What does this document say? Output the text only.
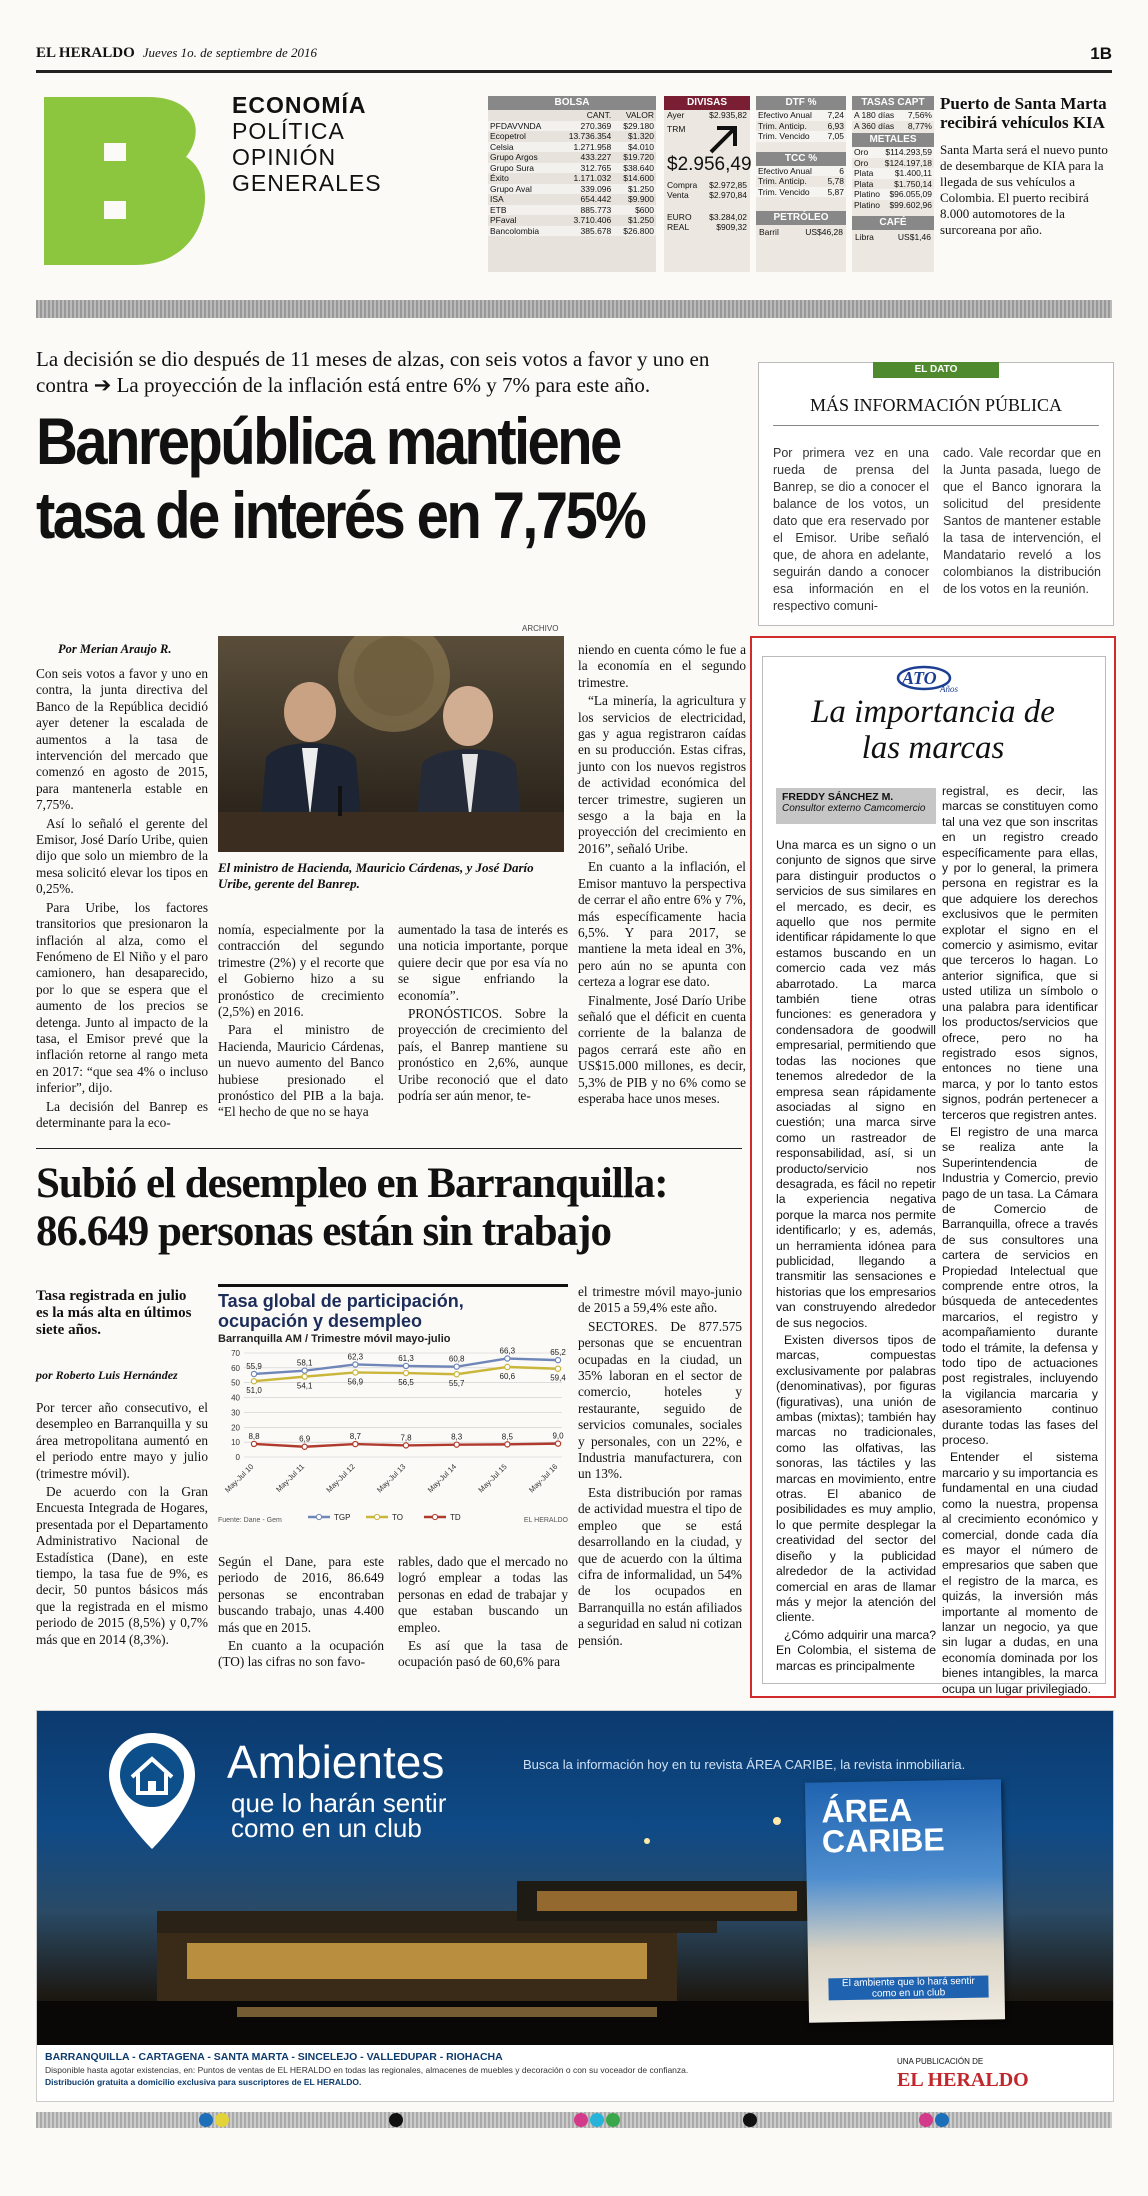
EL HERALDO Jueves 1o. de septiembre de 2016	1B
ECONOMÍA
POLÍTICA
OPINIÓN
GENERALES
BOLSA
	CANT.	VALOR
PFDAVVNDA	270.369	$29.180
Ecopetrol	13.736.354	$1.320
Celsia	1.271.958	$4.010
Grupo Argos	433.227	$19.720
Grupo Sura	312.765	$38.640
Éxito	1.171.032	$14.600
Grupo Aval	339.096	$1.250
ISA	654.442	$9.900
ETB	885.773	$600
PFaval	3.710.406	$1.250
Bancolombia	385.678	$26.800
DIVISAS
Ayer	$2.935,82
TRM
$2.956,49
Compra $2.972,85
Venta $2.970,84
EURO $3.284,02
REAL	$909,32
DTF %
Efectivo Anual	7,24
Trim. Anticip.	6,93
Trim. Vencido	7,05
TCC %
Efectivo Anual	6
Trim. Anticip.	5,78
Trim. Vencido	5,87
PETRÓLEO
Barril	US$46,28
TASAS CAPT
A 180 días	7,56%
A 360 días	8,77%
METALES
Oro	$114.293,59
Oro	$124.197,18
Plata	$1.400,11
Plata	$1.750,14
Platino	$96.055,09
Platino	$99.602,96
CAFÉ
Libra	US$1,46
Puerto de Santa Marta recibirá vehículos KIA
Santa Marta será el nuevo punto de desembarque de KIA para la llegada de sus vehículos a Colombia. El puerto recibirá 8.000 automotores de la surcoreana por año.
La decisión se dio después de 11 meses de alzas, con seis votos a favor y uno en contra ➔ La proyección de la inflación está entre 6% y 7% para este año.
Banrepública mantiene tasa de interés en 7,75%
EL DATO
MÁS INFORMACIÓN PÚBLICA
Por primera vez en una rueda de prensa del Banrep, se dio a conocer el balance de los votos, un dato que era reservado por el Emisor. Uribe señaló que, de ahora en adelante, seguirán dando a conocer esa información en el respectivo comuni-
cado. Vale recordar que en la Junta pasada, luego de que el Banco ignorara la solicitud del presidente Santos de mantener estable la tasa de intervención, el Mandatario reveló a los colombianos la distribución de los votos en la reunión.
Por Merian Araujo R.

Con seis votos a favor y uno en contra, la junta directiva del Banco de la República decidió ayer detener la escalada de aumentos a la tasa de intervención del mercado que comenzó en agosto de 2015, para mantenerla estable en 7,75%.

Así lo señaló el gerente del Emisor, José Darío Uribe, quien dijo que solo un miembro de la mesa solicitó elevar los tipos en 0,25%.

Para Uribe, los factores transitorios que presionaron la inflación al alza, como el Fenómeno de El Niño y el paro camionero, han desaparecido, por lo que se espera que el aumento de los precios se detenga. Junto al impacto de la tasa, el Emisor prevé que la inflación retorne al rango meta en 2017: “que sea 4% o incluso inferior”, dijo.

La decisión del Banrep es determinante para la eco-

ARCHIVO
El ministro de Hacienda, Mauricio Cárdenas, y José Darío Uribe, gerente del Banrep.

nomía, especialmente por la contracción del segundo trimestre (2%) y el recorte que el Gobierno hizo a su pronóstico de crecimiento (2,5%) en 2016.

Para el ministro de Hacienda, Mauricio Cárdenas, un nuevo aumento del Banco hubiese presionado el pronóstico del PIB a la baja. “El hecho de que no se haya

aumentado la tasa de interés es una noticia importante, porque quiere decir que por esa vía no se sigue enfriando la economía”.

PRONÓSTICOS. Sobre la proyección de crecimiento del país, el Banrep mantiene su pronóstico en 2,6%, aunque Uribe reconoció que el dato podría ser aún menor, te-

niendo en cuenta cómo le fue a la economía en el segundo trimestre.

“La minería, la agricultura y los servicios de electricidad, gas y agua registraron caídas en su producción. Estas cifras, junto con los nuevos registros de actividad económica del tercer trimestre, sugieren un sesgo a la baja en la proyección del crecimiento en 2016”, señaló Uribe.

En cuanto a la inflación, el Emisor mantuvo la perspectiva de cerrar el año entre 6% y 7%, más específicamente hacia 6,5%. Y para 2017, se mantiene la meta ideal en 3%, pero aún no se apunta con certeza a lograr ese dato.

Finalmente, José Darío Uribe señaló que el déficit en cuenta corriente de la balanza de pagos cerrará este año en US$15.000 millones, es decir, 5,3% de PIB y no 6% como se esperaba hace unos meses.

ATO
Años
La importancia de las marcas
FREDDY SÁNCHEZ M.
Consultor externo Camcomercio

Una marca es un signo o un conjunto de signos que sirve para distinguir productos o servicios de sus similares en el mercado, es decir, es aquello que nos permite identificar rápidamente lo que estamos buscando en un comercio cada vez más abarrotado. La marca también tiene otras funciones: es generadora y condensadora de goodwill empresarial, permitiendo que todas las nociones que tenemos alrededor de la empresa sean rápidamente asociadas al signo en cuestión; una marca sirve como un rastreador de responsabilidad, así, si un producto/servicio nos desagrada, es fácil no repetir la experiencia negativa porque la marca nos permite identificarlo; y es, además, un herramienta idónea para publicidad, llegando a transmitir las sensaciones e historias que los empresarios van construyendo alrededor de sus negocios.

Existen diversos tipos de marcas, compuestas exclusivamente por palabras (denominativas), por figuras (figurativas), una unión de ambas (mixtas); también hay marcas no tradicionales, como las olfativas, las sonoras, las táctiles y las marcas en movimiento, entre otras. El abanico de posibilidades es muy amplio, lo que permite desplegar la creatividad del sector del diseño y la publicidad alrededor de la actividad comercial en aras de llamar más y mejor la atención del cliente.

¿Cómo adquirir una marca? En Colombia, el sistema de marcas es principalmente

registral, es decir, las marcas se constituyen como tal una vez que son inscritas en un registro creado específicamente para ellas, y por lo general, la primera persona en registrar es la que adquiere los derechos exclusivos que le permiten explotar el signo en el comercio y asimismo, evitar que terceros lo hagan. Lo anterior significa, que si usted utiliza un símbolo o una palabra para identificar los productos/servicios que ofrece, pero no ha registrado esos signos, entonces no tiene una marca, y por lo tanto estos signos, podrán pertenecer a terceros que registren antes.

El registro de una marca se realiza ante la Superintendencia de Industria y Comercio, previo pago de un tasa. La Cámara de Comercio de Barranquilla, ofrece a través de sus consultores una cartera de servicios en Propiedad Intelectual que comprende entre otros, la búsqueda de antecedentes marcarios, el registro y acompañamiento durante todo el trámite, la defensa y todo tipo de actuaciones post registrales, incluyendo la vigilancia marcaria y asesoramiento continuo durante todas las fases del proceso.

Entender el sistema marcario y su importancia es fundamental en una ciudad como la nuestra, propensa al crecimiento económico y comercial, donde cada día es mayor el número de empresarios que saben que el registro de la marca, es quizás, la inversión más importante al momento de lanzar un negocio, ya que sin lugar a dudas, en una economía dominada por los bienes intangibles, la marca ocupa un lugar privilegiado.

Subió el desempleo en Barranquilla: 86.649 personas están sin trabajo
Tasa registrada en julio es la más alta en últimos siete años.
por Roberto Luis Hernández

Por tercer año consecutivo, el desempleo en Barranquilla y su área metropolitana aumentó en el periodo entre mayo y julio (trimestre móvil).

De acuerdo con la Gran Encuesta Integrada de Hogares, presentada por el Departamento Administrativo Nacional de Estadística (Dane), en este tiempo, la tasa fue de 9%, es decir, 50 puntos básicos más que la registrada en el mismo periodo de 2015 (8,5%) y 0,7% más que en 2014 (8,3%).

Tasa global de participación, ocupación y desempleo
Barranquilla AM / Trimestre móvil mayo-julio
70
60
50
40
30
20
10
0
May-Jul 10	May-Jul 11 May-Jul 12 May-Jul 13 May-Jul 14 May-Jul 15 May-Jul 16
55,9	58,1
62,3	61,3	60,8
66,3	65,2
51,0
54,1	56,9	56,5	55,7
60,6	59,4
8,8	6,9	8,7	7,8	8,3	8,5	9,0
TGP	TO	TD
Fuente: Dane - Gem	EL HERALDO

Según el Dane, para este periodo de 2016, 86.649 personas se encontraban buscando trabajo, unas 4.400 más que en 2015.

En cuanto a la ocupación (TO) las cifras no son favo-

rables, dado que el mercado no logró emplear a todas las personas en edad de trabajar y que estaban buscando un empleo.

Es así que la tasa de ocupación pasó de 60,6% para

el trimestre móvil mayo-junio de 2015 a 59,4% este año.

SECTORES. De 877.575 personas que se encuentran ocupadas en la ciudad, un 35% laboran en el sector de comercio, hoteles y restaurante, seguido de servicios comunales, sociales y personales, con un 22%, e Industria manufacturera, con un 13%.

Esta distribución por ramas de actividad muestra el tipo de empleo que se está desarrollando en la ciudad, y que de acuerdo con la última cifra de informalidad, un 54% de los ocupados en Barranquilla no están afiliados a seguridad en salud ni cotizan pensión.

Ambientes
que lo harán sentir como en un club
Busca la información hoy en tu revista ÁREA CARIBE, la revista inmobiliaria.
ÁREA CARIBE
El ambiente que lo hará sentir como en un club
BARRANQUILLA - CARTAGENA - SANTA MARTA - SINCELEJO - VALLEDUPAR - RIOHACHA
Disponible hasta agotar existencias, en: Puntos de ventas de EL HERALDO en todas las regionales, almacenes de muebles y decoración o con su voceador de confianza.
Distribución gratuita a domicilio exclusiva para suscriptores de EL HERALDO.
UNA PUBLICACIÓN DE
EL HERALDO
